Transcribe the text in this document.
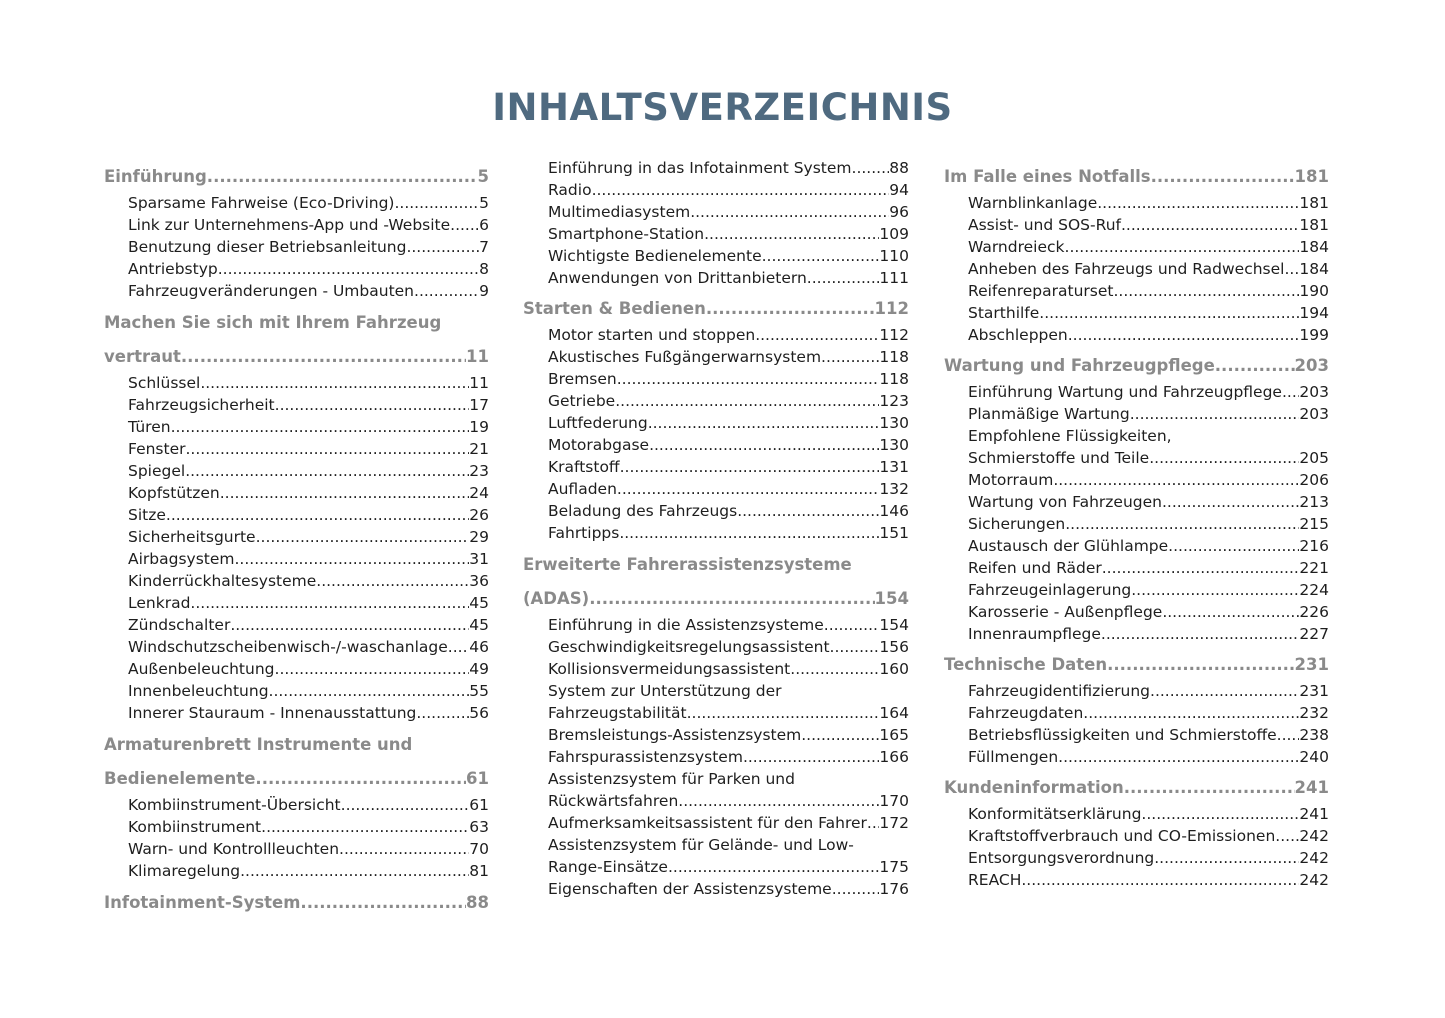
INHALTSVERZEICHNIS
Einführung .....	5
Sparsame Fahrweise (Eco-Driving) .....	5
Link zur Unternehmens-App und -Website ..... 6
Benutzung dieser Betriebsanleitung .....	7
Antriebstyp .....	8
Fahrzeugveränderungen - Umbauten .....	9
Machen Sie sich mit Ihrem Fahrzeug
vertraut .....	11
Schlüssel .....	11
Fahrzeugsicherheit .....	17
Türen .....	19
Fenster .....	21
Spiegel .....	23
Kopfstützen .....	24
Sitze .....	26
Sicherheitsgurte .....	29
Airbagsystem .....	31
Kinderrückhaltesysteme .....	36
Lenkrad .....	45
Zündschalter .....	45
Windschutzscheibenwisch-/-waschanlage ..... 46
Außenbeleuchtung .....	49
Innenbeleuchtung .....	55
Innerer Stauraum - Innenausstattung .....	56
Armaturenbrett Instrumente und
Bedienelemente .....	61
Kombiinstrument-Übersicht .....	61
Kombiinstrument .....	63
Warn- und Kontrollleuchten .....	70
Klimaregelung .....	81
Infotainment-System .....	88
Einführung in das Infotainment System ..... 88
Radio .....	94
Multimediasystem .....	96
Smartphone-Station .....	109
Wichtigste Bedienelemente .....	110
Anwendungen von Drittanbietern .....	111
Starten & Bedienen .....	112
Motor starten und stoppen .....	112
Akustisches Fußgängerwarnsystem .....	118
Bremsen .....	118
Getriebe .....	123
Luftfederung .....	130
Motorabgase .....	130
Kraftstoff .....	131
Aufladen .....	132
Beladung des Fahrzeugs .....	146
Fahrtipps .....	151
Erweiterte Fahrerassistenzsysteme
(ADAS) .....	154
Einführung in die Assistenzsysteme .....	154
Geschwindigkeitsregelungsassistent .....	156
Kollisionsvermeidungsassistent .....	160
System zur Unterstützung der
Fahrzeugstabilität .....	164
Bremsleistungs-Assistenzsystem .....	165
Fahrspurassistenzsystem .....	166
Assistenzsystem für Parken und
Rückwärtsfahren .....	170
Aufmerksamkeitsassistent für den Fahrer ..... 172
Assistenzsystem für Gelände- und Low-
Range-Einsätze .....	175
Eigenschaften der Assistenzsysteme .....	176
Im Falle eines Notfalls .....	181
Warnblinkanlage .....	181
Assist- und SOS-Ruf .....	181
Warndreieck .....	184
Anheben des Fahrzeugs und Radwechsel ..... 184
Reifenreparaturset .....	190
Starthilfe .....	194
Abschleppen .....	199
Wartung und Fahrzeugpflege .....	203
Einführung Wartung und Fahrzeugpflege ..... 203
Planmäßige Wartung .....	203
Empfohlene Flüssigkeiten,
Schmierstoffe und Teile .....	205
Motorraum .....	206
Wartung von Fahrzeugen .....	213
Sicherungen .....	215
Austausch der Glühlampe .....	216
Reifen und Räder .....	221
Fahrzeugeinlagerung .....	224
Karosserie - Außenpflege .....	226
Innenraumpflege .....	227
Technische Daten .....	231
Fahrzeugidentifizierung .....	231
Fahrzeugdaten .....	232
Betriebsflüssigkeiten und Schmierstoffe ..... 238
Füllmengen .....	240
Kundeninformation .....	241
Konformitätserklärung .....	241
Kraftstoffverbrauch und CO-Emissionen ..... 242
Entsorgungsverordnung .....	242
REACH .....	242
